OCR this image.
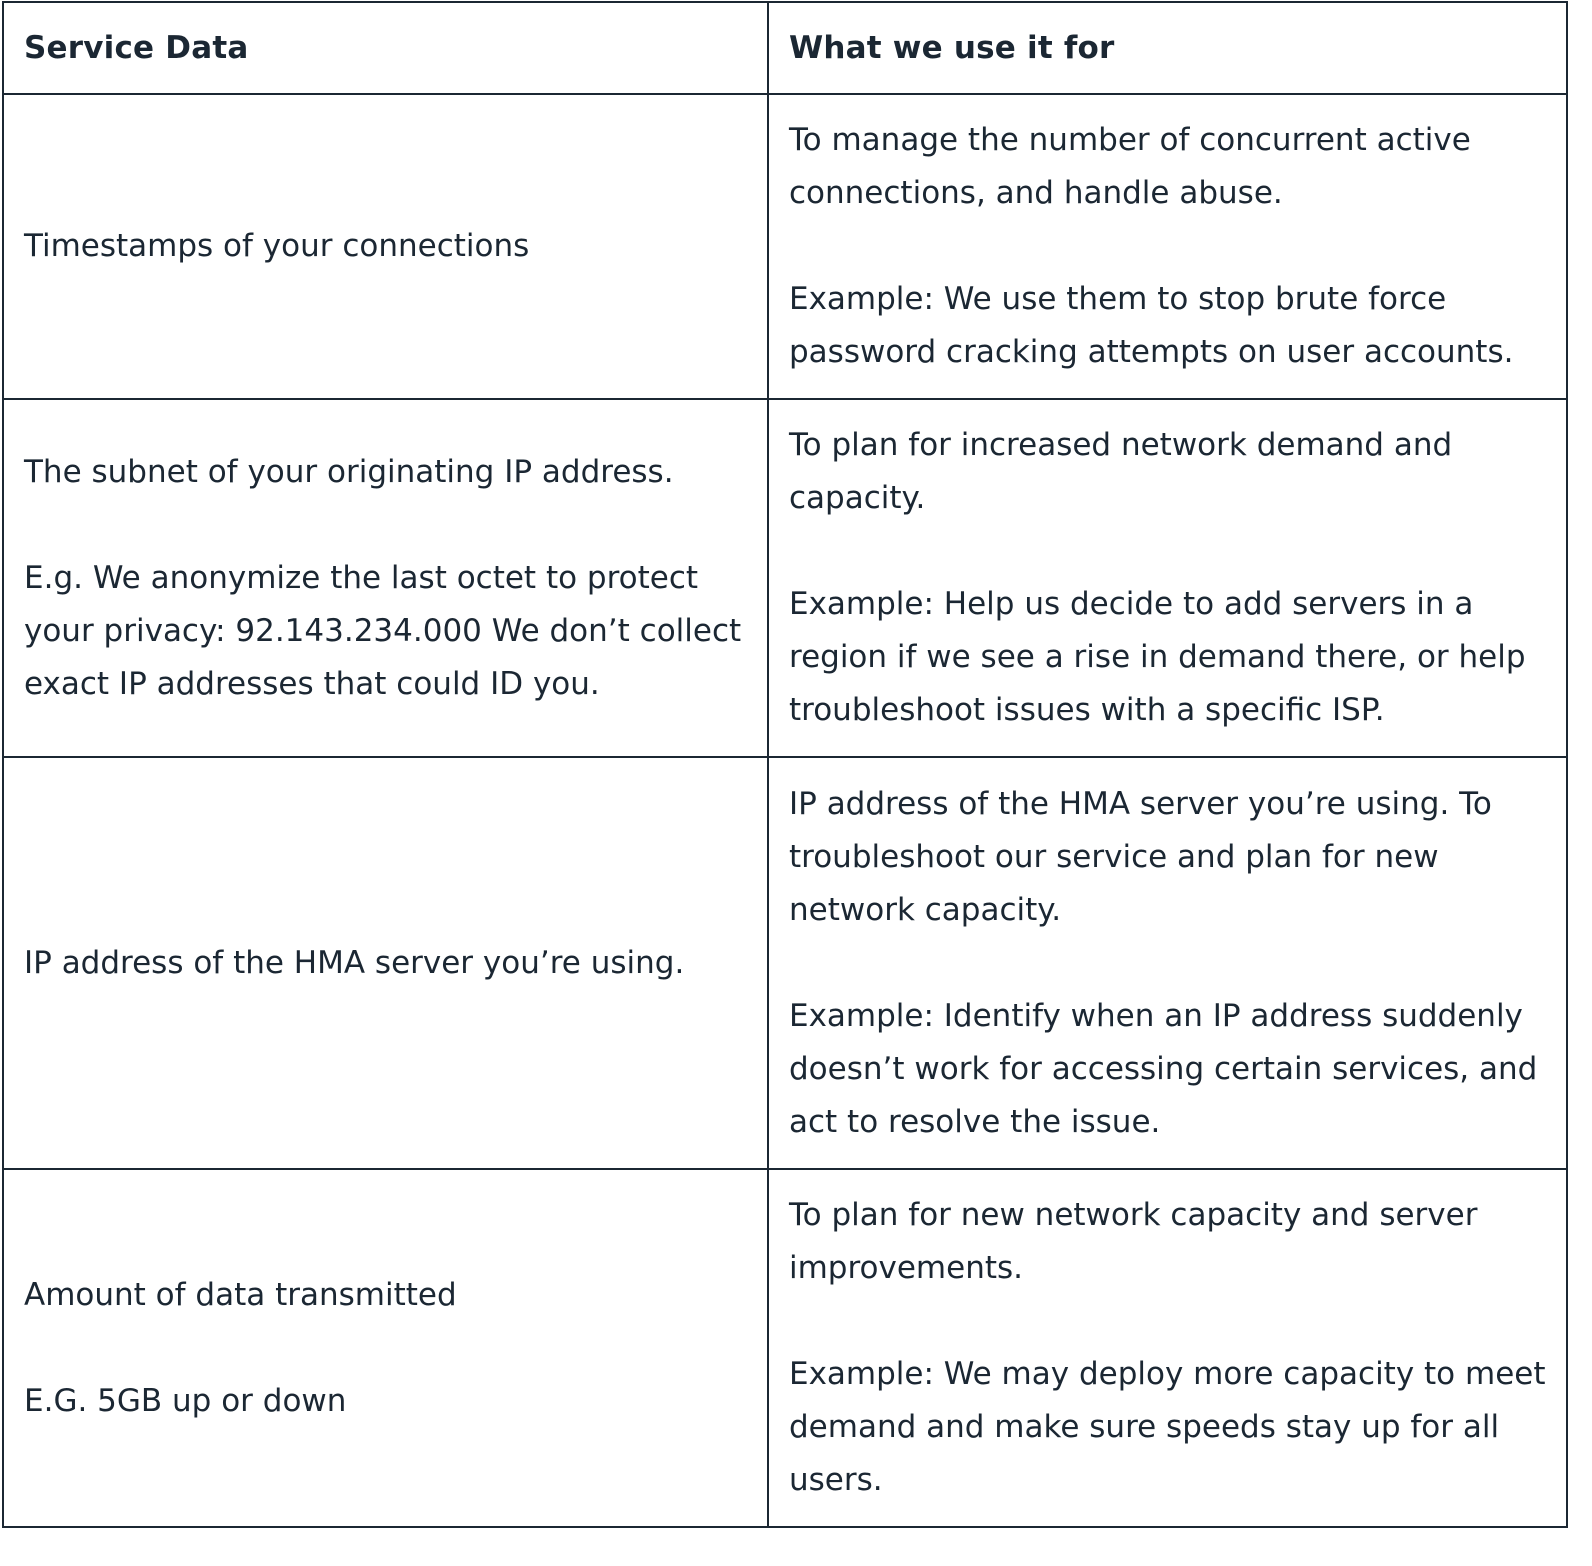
Service Data	What we use it for

Timestamps of your connections	To manage the number of concurrent active connections, and handle abuse.
Example: We use them to stop brute force password cracking attempts on user accounts.

The subnet of your originating IP address.
E.g. We anonymize the last octet to protect your privacy: 92.143.234.000 We don’t collect exact IP addresses that could ID you.	To plan for increased network demand and capacity.
Example: Help us decide to add servers in a region if we see a rise in demand there, or help troubleshoot issues with a specific ISP.

IP address of the HMA server you’re using.	IP address of the HMA server you’re using. To troubleshoot our service and plan for new network capacity.
Example: Identify when an IP address suddenly doesn’t work for accessing certain services, and act to resolve the issue.

Amount of data transmitted
E.G. 5GB up or down	To plan for new network capacity and server improvements.
Example: We may deploy more capacity to meet demand and make sure speeds stay up for all users.
